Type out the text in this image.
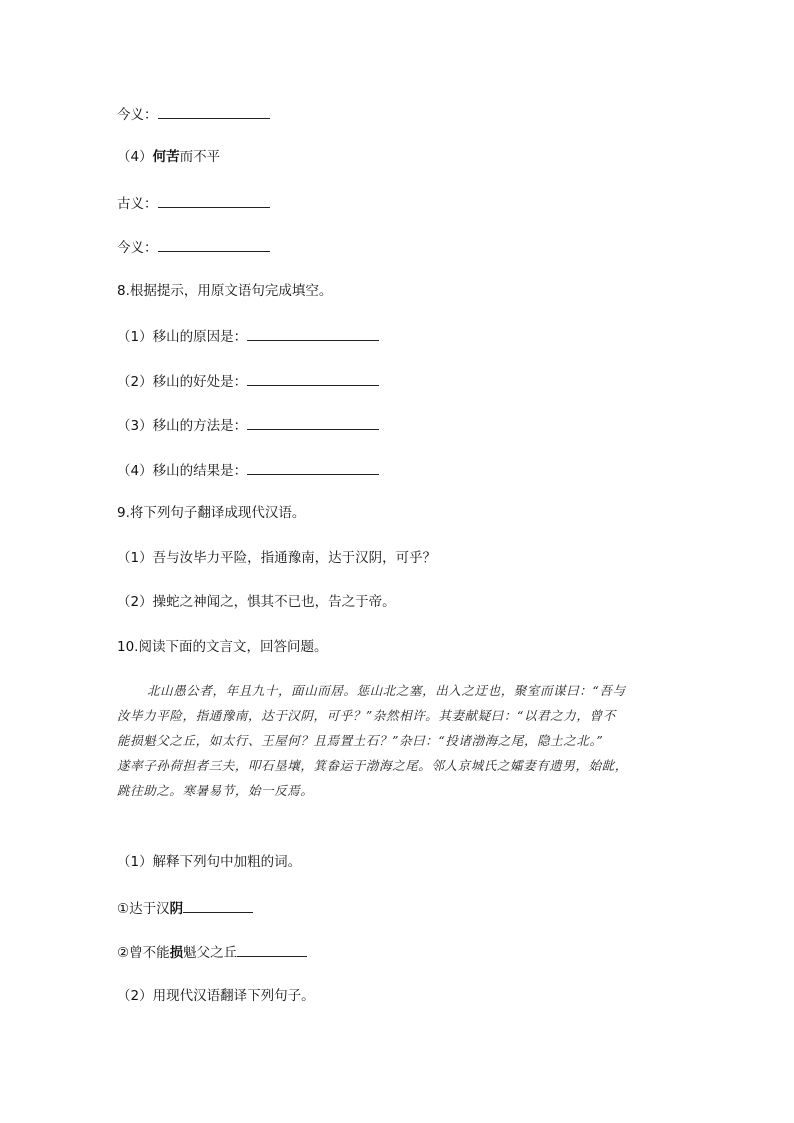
今义：
（4）何苦而不平
古义：
今义：
8.根据提示，用原文语句完成填空。
（1）移山的原因是：
（2）移山的好处是：
（3）移山的方法是：
（4）移山的结果是：
9.将下列句子翻译成现代汉语。
（1）吾与汝毕力平险，指通豫南，达于汉阴，可乎？
（2）操蛇之神闻之，惧其不已也，告之于帝。
10.阅读下面的文言文，回答问题。

北山愚公者，年且九十，面山而居。惩山北之塞，出入之迂也，聚室而谋曰：“吾与

汝毕力平险，指通豫南，达于汉阴，可乎？”杂然相许。其妻献疑曰：“以君之力，曾不

能损魁父之丘，如太行、王屋何？且焉置土石？”杂曰：“投诸渤海之尾，隐土之北。”

遂率子孙荷担者三夫，叩石垦壤，箕畚运于渤海之尾。邻人京城氏之孀妻有遗男，始龀，

跳往助之。寒暑易节，始一反焉。

（1）解释下列句中加粗的词。
①达于汉阴
②曾不能损魁父之丘
（2）用现代汉语翻译下列句子。
